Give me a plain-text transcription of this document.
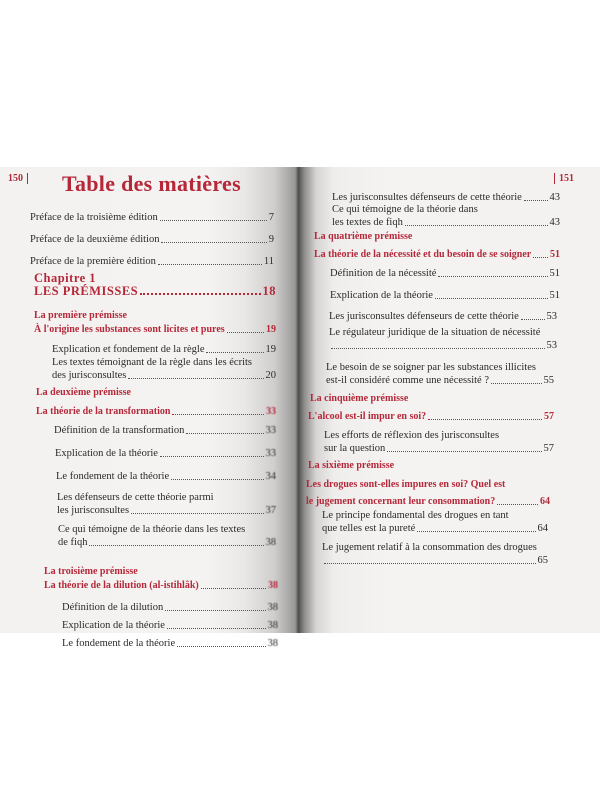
150 Table des matières
Préface de la troisième édition	7
Préface de la deuxième édition	9
Préface de la première édition	11
Chapitre 1
LES PRÉMISSES	18
La première prémisse
À l'origine les substances sont licites et pures	19
Explication et fondement de la règle	19
Les textes témoignant de la règle dans les écrits
des jurisconsultes	20
La deuxième prémisse
La théorie de la transformation	33
Définition de la transformation	33
Explication de la théorie	33
Le fondement de la théorie	34
Les défenseurs de cette théorie parmi
les jurisconsultes	37
Ce qui témoigne de la théorie dans les textes
de fiqh	38
La troisième prémisse
La théorie de la dilution (al-istihlâk)	38
Définition de la dilution	38
Explication de la théorie	38
Le fondement de la théorie	38
151
Les jurisconsultes défenseurs de cette théorie	43
Ce qui témoigne de la théorie dans
les textes de fiqh	43
La quatrième prémisse
La théorie de la nécessité et du besoin de se soigner 51
Définition de la nécessité	51
Explication de la théorie	51
Les jurisconsultes défenseurs de cette théorie	53
Le régulateur juridique de la situation de nécessité
53
Le besoin de se soigner par les substances illicites
est-il considéré comme une nécessité ?	55
La cinquième prémisse
L'alcool est-il impur en soi?	57
Les efforts de réflexion des jurisconsultes
sur la question	57
La sixième prémisse
Les drogues sont-elles impures en soi? Quel est
le jugement concernant leur consommation?	64
Le principe fondamental des drogues en tant
que telles est la pureté	64
Le jugement relatif à la consommation des drogues
65
